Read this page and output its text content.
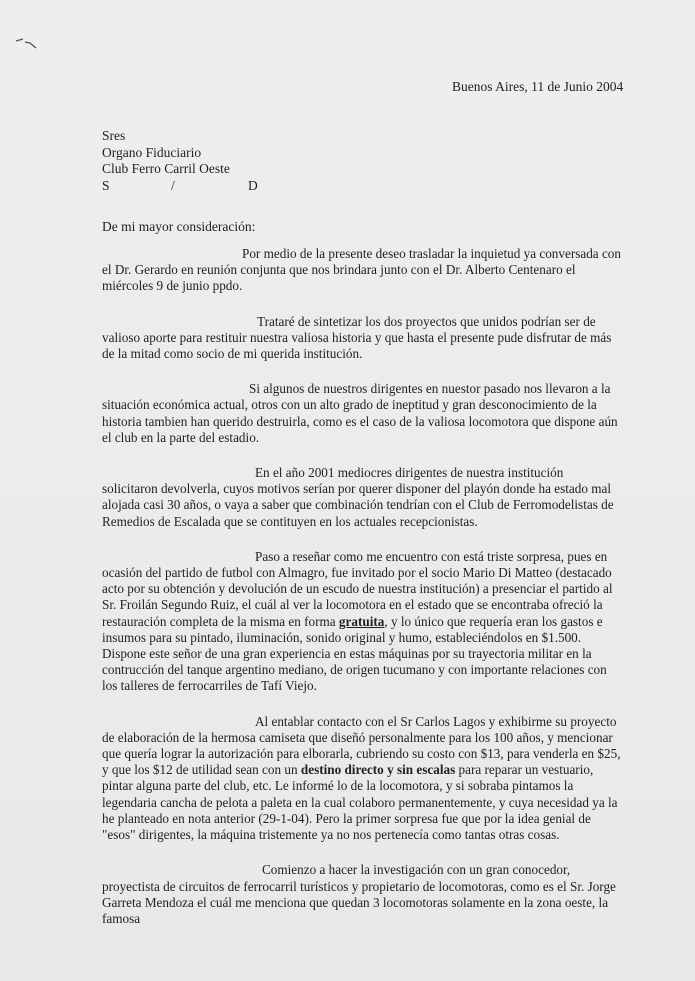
Buenos Aires, 11 de Junio 2004
Sres
Organo Fiduciario
Club Ferro Carril Oeste
S	/	D
De mi mayor consideración:

Por medio de la presente deseo trasladar la inquietud ya conversada con el Dr. Gerardo en reunión conjunta que nos brindara junto con el Dr. Alberto Centenaro el miércoles 9 de junio ppdo.

Trataré de sintetizar los dos proyectos que unidos podrían ser de valioso aporte para restituir nuestra valiosa historia y que hasta el presente pude disfrutar de más de la mitad como socio de mi querida institución.

Si algunos de nuestros dirigentes en nuestor pasado nos llevaron a la situación económica actual, otros con un alto grado de ineptitud y gran desconocimiento de la historia tambien han querido destruirla, como es el caso de la valiosa locomotora que dispone aún el club en la parte del estadio.

En el año 2001 mediocres dirigentes de nuestra institución solicitaron devolverla, cuyos motivos serían por querer disponer del playón donde ha estado mal alojada casi 30 años, o vaya a saber que combinación tendrían con el Club de Ferromodelistas de Remedios de Escalada que se contituyen en los actuales recepcionistas.

Paso a reseñar como me encuentro con está triste sorpresa, pues en ocasión del partido de futbol con Almagro, fue invitado por el socio Mario Di Matteo (destacado acto por su obtención y devolución de un escudo de nuestra institución) a presenciar el partido al Sr. Froilán Segundo Ruiz, el cuál al ver la locomotora en el estado que se encontraba ofreció la restauración completa de la misma en forma gratuita, y lo único que requería eran los gastos e insumos para su pintado, iluminación, sonido original y humo, estableciéndolos en $1.500. Dispone este señor de una gran experiencia en estas máquinas por su trayectoria militar en la contrucción del tanque argentino mediano, de origen tucumano y con importante relaciones con los talleres de ferrocarriles de Tafí Viejo.

Al entablar contacto con el Sr Carlos Lagos y exhibirme su proyecto de elaboración de la hermosa camiseta que diseñó personalmente para los 100 años, y mencionar que quería lograr la autorización para elborarla, cubriendo su costo con $13, para venderla en $25, y que los $12 de utilidad sean con un destino directo y sin escalas para reparar un vestuario, pintar alguna parte del club, etc. Le informé lo de la locomotora, y si sobraba pintamos la legendaria cancha de pelota a paleta en la cual colaboro permanentemente, y cuya necesidad ya la he planteado en nota anterior (29-1-04). Pero la primer sorpresa fue que por la idea genial de "esos" dirigentes, la máquina tristemente ya no nos pertenecía como tantas otras cosas.

Comienzo a hacer la investigación con un gran conocedor, proyectista de circuitos de ferrocarril turísticos y propietario de locomotoras, como es el Sr. Jorge Garreta Mendoza el cuál me menciona que quedan 3 locomotoras solamente en la zona oeste, la famosa
